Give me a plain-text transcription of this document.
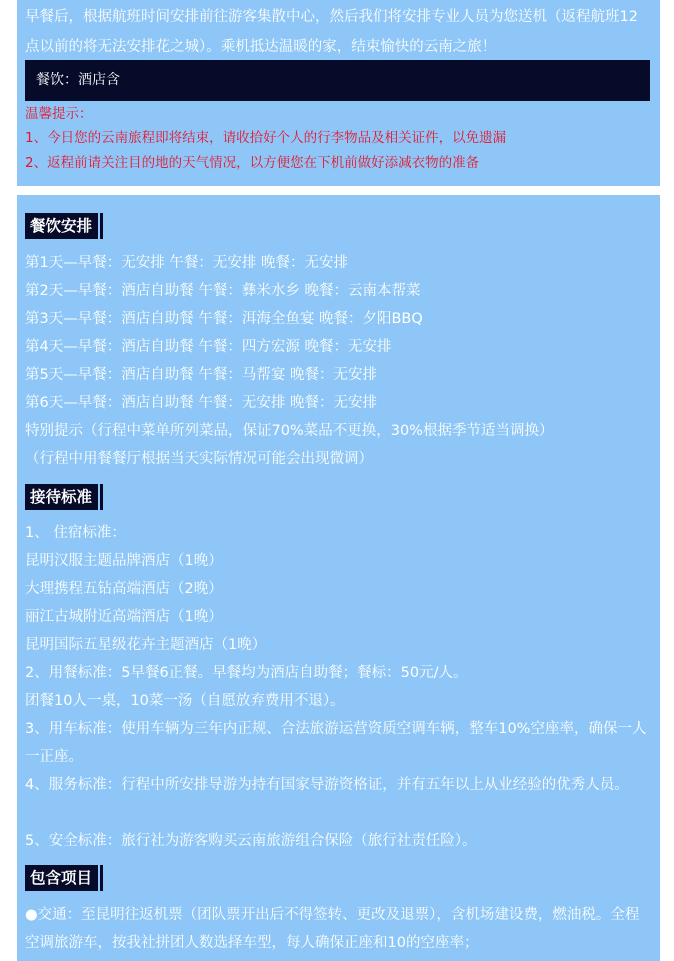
早餐后，根据航班时间安排前往游客集散中心，然后我们将安排专业人员为您送机（返程航班12点以前的将无法安排花之城）。乘机抵达温暖的家，结束愉快的云南之旅！
餐饮：酒店含
温馨提示：
1、今日您的云南旅程即将结束，请收拾好个人的行李物品及相关证件，以免遗漏
2、返程前请关注目的地的天气情况，以方便您在下机前做好添减衣物的准备
餐饮安排
第1天—早餐：无安排 午餐：无安排 晚餐：无安排
第2天—早餐：酒店自助餐 午餐：彝米水乡 晚餐：云南本帮菜
第3天—早餐：酒店自助餐 午餐：洱海全鱼宴 晚餐：夕阳BBQ
第4天—早餐：酒店自助餐 午餐：四方宏源 晚餐：无安排
第5天—早餐：酒店自助餐 午餐：马帮宴 晚餐：无安排
第6天—早餐：酒店自助餐 午餐：无安排 晚餐：无安排
特别提示（行程中菜单所列菜品，保证70%菜品不更换，30%根据季节适当调换）
（行程中用餐餐厅根据当天实际情况可能会出现微调）
接待标准
1、 住宿标准：
昆明汉服主题品牌酒店（1晚）
大理携程五钻高端酒店（2晚）
丽江古城附近高端酒店（1晚）
昆明国际五星级花卉主题酒店（1晚）
2、用餐标准：5早餐6正餐。早餐均为酒店自助餐；餐标：50元/人。
团餐10人一桌，10菜一汤（自愿放弃费用不退）。
3、用车标准：使用车辆为三年内正规、合法旅游运营资质空调车辆，整车10%空座率，确保一人一正座。
4、服务标准：行程中所安排导游为持有国家导游资格证，并有五年以上从业经验的优秀人员。
5、安全标准：旅行社为游客购买云南旅游组合保险（旅行社责任险）。
包含项目
●交通：至昆明往返机票（团队票开出后不得签转、更改及退票），含机场建设费，燃油税。全程空调旅游车，按我社拼团人数选择车型，每人确保正座和10的空座率；
